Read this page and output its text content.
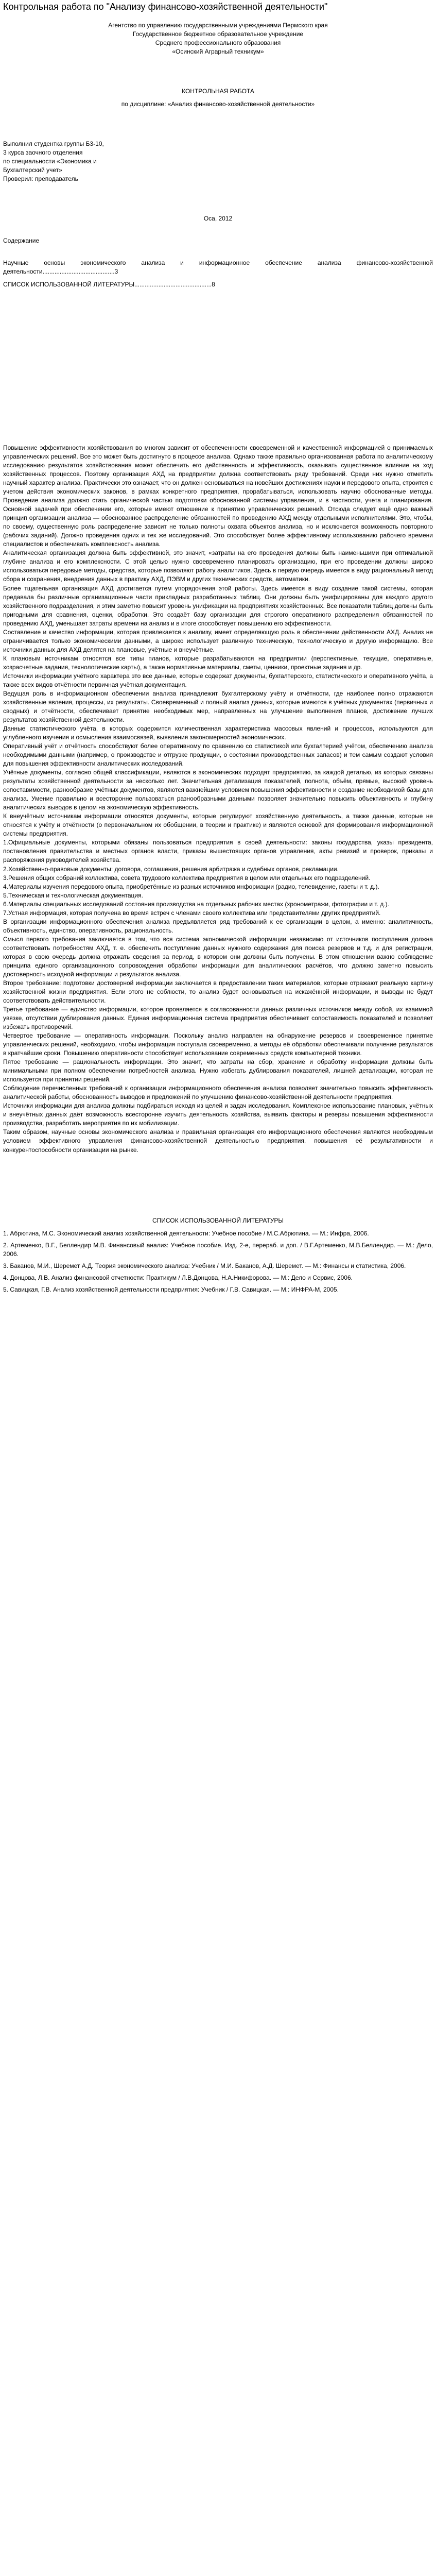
Контрольная работа по "Анализу финансово-хозяйственной деятельности"

Агентство по управлению государственными учреждениями Пермского края

Государственное бюджетное образовательное учреждение

Среднего профессионального образования

«Осинский Аграрный техникум»

КОНТРОЛЬНАЯ РАБОТА

по дисциплине: «Анализ финансово-хозяйственной деятельности»

Выполнил студентка группы Б3-10,

3 курса заочного отделения

по специальности «Экономика и

Бухгалтерский учет»

Проверил: преподаватель

Оса, 2012

Содержание

Научные основы экономического анализа и информационное обеспечение анализа финансово-хозяйственной деятельности..........................................3

СПИСОК ИСПОЛЬЗОВАННОЙ ЛИТЕРАТУРЫ.............................................8

Повышение эффективности хозяйствования во многом зависит от обеспеченности своевременной и качественной информацией о принимаемых управленческих решений. Все это может быть достигнуто в процессе анализа. Однако также правильно организованная работа по аналитическому исследованию результатов хозяйствования может обеспечить его действенность и эффективность, оказывать существенное влияние на ход хозяйственных процессов. Поэтому организация АХД на предприятии должна соответствовать ряду требований. Среди них нужно отметить научный характер анализа. Практически это означает, что он должен основываться на новейших достижениях науки и передового опыта, строится с учетом действия экономических законов, в рамках конкретного предприятия, прорабатываться, использовать научно обоснованные методы. Проведение анализа должно стать органической частью подготовки обоснованной системы управления, и в частности, учета и планирования. Основной задачей при обеспечении его, которые имеют отношение к принятию управленческих решений. Отсюда следует ещё одно важный принцип организации анализа — обоснованное распределение обязанностей по проведению АХД между отдельными исполнителями. Это, чтобы, по своему, существенную роль распределение зависит не только полноты охвата объектов анализа, но и исключается возможность повторного (рабочих заданий). Должно проведения одних и тех же исследований. Это способствует более эффективному использованию рабочего времени специалистов и обеспечивать комплексность анализа.

Аналитическая организация должна быть эффективной, это значит, «затраты на его проведения должны быть наименьшими при оптимальной глубине анализа и его комплексности. С этой целью нужно своевременно планировать организацию, при его проведении должны широко использоваться передовые методы, средства, которые позволяют работу аналитиков. Здесь в первую очередь имеется в виду рациональный метод сбора и сохранения, внедрения данных в практику АХД, ПЭВМ и других технических средств, автоматики.

Более тщательная организация АХД достигается путем упорядочения этой работы. Здесь имеется в виду создание такой системы, которая предавала бы различные организационные части прикладных разработанных таблиц. Они должны быть унифицированы для каждого другого хозяйственного подразделения, и этим заметно повысит уровень унификации на предприятиях хозяйственных. Все показатели таблиц должны быть пригодными для сравнения, оценки, обработки. Это создаёт базу организации для строгого оперативного распределения обязанностей по проведению АХД, уменьшает затраты времени на анализ и в итоге способствует повышению его эффективности.

Составление и качество информации, которая привлекается к анализу, имеет определяющую роль в обеспечении действенности АХД. Анализ не ограничивается только экономическими данными, а широко использует различную техническую, технологическую и другую информацию. Все источники данных для АХД делятся на плановые, учётные и внеучётные.

К плановым источникам относятся все типы планов, которые разрабатываются на предприятии (перспективные, текущие, оперативные, хозрасчетные задания, технологические карты), а также нормативные материалы, сметы, ценники, проектные задания и др.

Источники информации учётного характера это все данные, которые содержат документы, бухгалтерского, статистического и оперативного учёта, а также всех видов отчётности первичная учётная документация.

Ведущая роль в информационном обеспечении анализа принадлежит бухгалтерскому учёту и отчётности, где наиболее полно отражаются хозяйственные явления, процессы, их результаты. Своевременный и полный анализ данных, которые имеются в учётных документах (первичных и сводных) и отчётности, обеспечивает принятие необходимых мер, направленных на улучшение выполнения планов, достижение лучших результатов хозяйственной деятельности.

Данные статистического учёта, в которых содержится количественная характеристика массовых явлений и процессов, используются для углубленного изучения и осмысления взаимосвязей, выявления закономерностей экономических.

Оперативный учёт и отчётность способствуют более оперативному по сравнению со статистикой или бухгалтерией учётом, обеспечению анализа необходимыми данными (например, о производстве и отгрузке продукции, о состоянии производственных запасов) и тем самым создают условия для повышения эффективности аналитических исследований.

Учётные документы, согласно общей классификации, являются в экономических подходят предприятию, за каждой деталью, из которых связаны результаты хозяйственной деятельности за несколько лет. Значительная детализация показателей, полнота, объём, прямые, высокий уровень сопоставимости, разнообразие учётных документов, являются важнейшим условием повышения эффективности и создание необходимой базы для анализа. Умение правильно и всесторонне пользоваться разнообразными данными позволяет значительно повысить объективность и глубину аналитических выводов в целом на экономическую эффективность.

К внеучётным источникам информации относятся документы, которые регулируют хозяйственную деятельность, а также данные, которые не относятся к учёту и отчётности (о первоначальном их обобщении, в теории и практике) и являются основой для формирования информационной системы предприятия.

1.Официальные документы, которыми обязаны пользоваться предприятия в своей деятельности: законы государства, указы президента, постановления правительства и местных органов власти, приказы вышестоящих органов управления, акты ревизий и проверок, приказы и распоряжения руководителей хозяйства.

2.Хозяйственно-правовые документы: договора, соглашения, решения арбитража и судебных органов, рекламации.

3.Решения общих собраний коллектива, совета трудового коллектива предприятия в целом или отдельных его подразделений.

4.Материалы изучения передового опыта, приобретённые из разных источников информации (радио, телевидение, газеты и т. д.).

5.Техническая и технологическая документация.

6.Материалы специальных исследований состояния производства на отдельных рабочих местах (хронометражи, фотографии и т. д.).

7.Устная информация, которая получена во время встреч с членами своего коллектива или представителями других предприятий.

В организации информационного обеспечения анализа предъявляется ряд требований к ее организации в целом, а именно: аналитичность, объективность, единство, оперативность, рациональность.

Смысл первого требования заключается в том, что вся система экономической информации независимо от источников поступления должна соответствовать потребностям АХД, т. е. обеспечить поступление данных нужного содержания для поиска резервов и т.д. и для регистрации, которая в свою очередь должна отражать сведения за период, в котором они должны быть получены. В этом отношении важно соблюдение принципа единого организационного сопровождения обработки информации для аналитических расчётов, что должно заметно повысить достоверность исходной информации и результатов анализа.

Второе требование: подготовки достоверной информации заключается в предоставлении таких материалов, которые отражают реальную картину хозяйственной жизни предприятия. Если этого не соблюсти, то анализ будет основываться на искажённой информации, и выводы не будут соответствовать действительности.

Третье требование — единство информации, которое проявляется в согласованности данных различных источников между собой, их взаимной увязке, отсутствии дублирования данных. Единая информационная система предприятия обеспечивает сопоставимость показателей и позволяет избежать противоречий.

Четвертое требование — оперативность информации. Поскольку анализ направлен на обнаружение резервов и своевременное принятие управленческих решений, необходимо, чтобы информация поступала своевременно, а методы её обработки обеспечивали получение результатов в кратчайшие сроки. Повышению оперативности способствует использование современных средств компьютерной техники.

Пятое требование — рациональность информации. Это значит, что затраты на сбор, хранение и обработку информации должны быть минимальными при полном обеспечении потребностей анализа. Нужно избегать дублирования показателей, лишней детализации, которая не используется при принятии решений.

Соблюдение перечисленных требований к организации информационного обеспечения анализа позволяет значительно повысить эффективность аналитической работы, обоснованность выводов и предложений по улучшению финансово-хозяйственной деятельности предприятия.

Источники информации для анализа должны подбираться исходя из целей и задач исследования. Комплексное использование плановых, учётных и внеучётных данных даёт возможность всесторонне изучить деятельность хозяйства, выявить факторы и резервы повышения эффективности производства, разработать мероприятия по их мобилизации.

Таким образом, научные основы экономического анализа и правильная организация его информационного обеспечения являются необходимым условием эффективного управления финансово-хозяйственной деятельностью предприятия, повышения её результативности и конкурентоспособности организации на рынке.

СПИСОК ИСПОЛЬЗОВАННОЙ ЛИТЕРАТУРЫ

1. Абрютина, М.С. Экономический анализ хозяйственной деятельности: Учебное пособие / М.С.Абрютина. — М.: Инфра, 2006.

2. Артеменко, В.Г., Беллендир М.В. Финансовый анализ: Учебное пособие. Изд. 2-е, перераб. и доп. / В.Г.Артеменко, М.В.Беллендир. — М.: Дело, 2006.

3. Баканов, М.И., Шеремет А.Д. Теория экономического анализа: Учебник / М.И. Баканов, А.Д. Шеремет. — М.: Финансы и статистика, 2006.

4. Донцова, Л.В. Анализ финансовой отчетности: Практикум / Л.В.Донцова, Н.А.Никифорова. — М.: Дело и Сервис, 2006.

5. Савицкая, Г.В. Анализ хозяйственной деятельности предприятия: Учебник / Г.В. Савицкая. — М.: ИНФРА-М, 2005.
